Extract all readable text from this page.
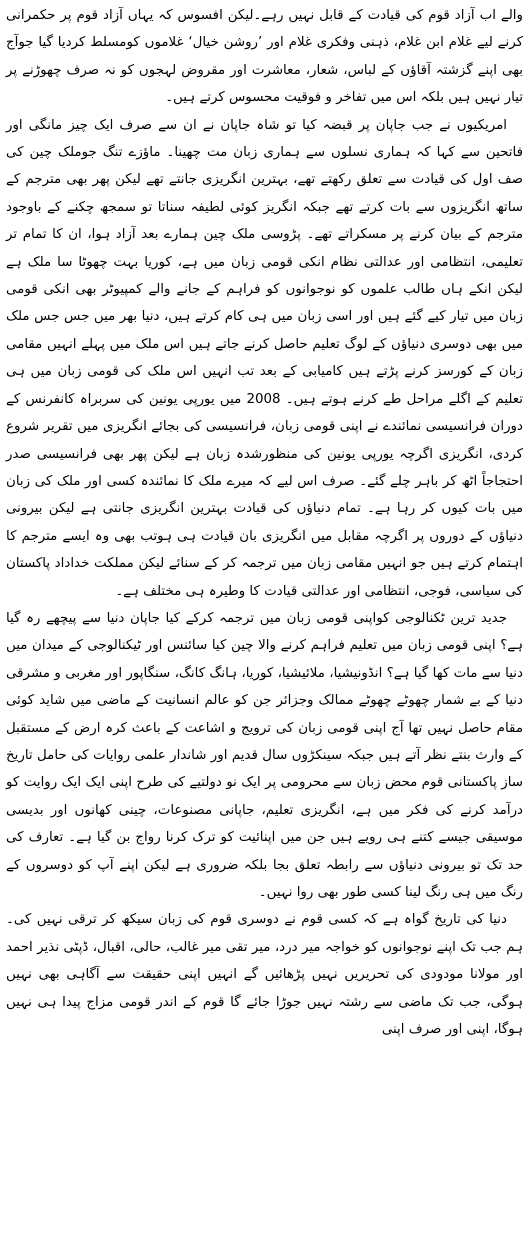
والے اب آزاد قوم کی قیادت کے قابل نہیں رہے۔لیکن افسوس کہ یہاں آزاد قوم پر حکمرانی کرنے لیے غلام ابن غلام، ذہنی وفکری غلام اور ’روشن خیال‘ غلاموں کومسلط کردیا گیا جوآج بھی اپنے گزشتہ آقاؤں کے لباس، شعار، معاشرت اور مقروض لہجوں کو نہ صرف چھوڑنے پر تیار نہیں ہیں بلکہ اس میں تفاخر و فوقیت محسوس کرتے ہیں۔

امریکیوں نے جب جاپان پر قبضہ کیا تو شاہ جاپان نے ان سے صرف ایک چیز مانگی اور فاتحین سے کہا کہ ہماری نسلوں سے ہماری زبان مت چھینا۔ ماؤزے تنگ جوملک چین کی صف اول کی قیادت سے تعلق رکھتے تھے، بہترین انگریزی جانتے تھے لیکن پھر بھی مترجم کے ساتھ انگریزوں سے بات کرتے تھے جبکہ انگریز کوئی لطیفہ سناتا تو سمجھ چکنے کے باوجود مترجم کے بیان کرنے پر مسکراتے تھے۔ پڑوسی ملک چین ہمارے بعد آزاد ہوا، ان کا تمام تر تعلیمی، انتظامی اور عدالتی نظام انکی قومی زبان میں ہے، کوریا بہت چھوٹا سا ملک ہے لیکن انکے ہاں طالب علموں کو نوجوانوں کو فراہم کے جانے والے کمپیوٹر بھی انکی قومی زبان میں تیار کیے گئے ہیں اور اسی زبان میں ہی کام کرتے ہیں، دنیا بھر میں جس جس ملک میں بھی دوسری دنیاؤں کے لوگ تعلیم حاصل کرنے جاتے ہیں اس ملک میں پہلے انہیں مقامی زبان کے کورسز کرنے پڑتے ہیں کامیابی کے بعد تب انہیں اس ملک کی قومی زبان میں ہی تعلیم کے اگلے مراحل طے کرنے ہوتے ہیں۔ 2008 میں یورپی یونین کی سربراہ کانفرنس کے دوران فرانسیسی نمائندے نے اپنی قومی زبان، فرانسیسی کی بجائے انگریزی میں تقریر شروع کردی، انگریزی اگرچہ یورپی یونین کی منظورشدہ زبان ہے لیکن پھر بھی فرانسیسی صدر احتجاجاً اٹھ کر باہر چلے گئے۔ صرف اس لیے کہ میرے ملک کا نمائندہ کسی اور ملک کی زبان میں بات کیوں کر رہا ہے۔ تمام دنیاؤں کی قیادت بہترین انگریزی جانتی ہے لیکن بیرونی دنیاؤں کے دوروں پر اگرچہ مقابل میں انگریزی بان قیادت ہی ہوتب بھی وہ ایسے مترجم کا اہتمام کرتے ہیں جو انہیں مقامی زبان میں ترجمہ کر کے سنائے لیکن مملکت خداداد پاکستان کی سیاسی، فوجی، انتظامی اور عدالتی قیادت کا وطیرہ ہی مختلف ہے۔

جدید ترین ٹکنالوجی کواپنی قومی زبان میں ترجمہ کرکے کیا جاپان دنیا سے پیچھے رہ گیا ہے؟ اپنی قومی زبان میں تعلیم فراہم کرنے والا چین کیا سائنس اور ٹیکنالوجی کے میدان میں دنیا سے مات کھا گیا ہے؟ انڈونیشیا، ملائیشیا، کوریا، ہانگ کانگ، سنگاپور اور مغربی و مشرقی دنیا کے بے شمار چھوٹے چھوٹے ممالک وجزائر جن کو عالم انسانیت کے ماضی میں شاید کوئی مقام حاصل نہیں تھا آج اپنی قومی زبان کی ترویج و اشاعت کے باعث کرہ ارض کے مستقبل کے وارث بنتے نظر آتے ہیں جبکہ سینکڑوں سال قدیم اور شاندار علمی روایات کی حامل تاریخ ساز پاکستانی قوم محض زبان سے محرومی پر ایک نو دولتیے کی طرح اپنی ایک ایک روایت کو درآمد کرنے کی فکر میں ہے، انگریزی تعلیم، جاپانی مصنوعات، چینی کھانوں اور بدیسی موسیقی جیسے کتنے ہی رویے ہیں جن میں اپنائیت کو ترک کرنا رواج بن گیا ہے۔ تعارف کی حد تک تو بیرونی دنیاؤں سے رابطہ تعلق بجا بلکہ ضروری ہے لیکن اپنے آپ کو دوسروں کے رنگ میں ہی رنگ لینا کسی طور بھی روا نہیں۔

دنیا کی تاریخ گواہ ہے کہ کسی قوم نے دوسری قوم کی زبان سیکھ کر ترقی نہیں کی۔ ہم جب تک اپنے نوجوانوں کو خواجہ میر درد، میر تقی میر غالب، حالی، اقبال، ڈپٹی نذیر احمد اور مولانا مودودی کی تحریریں نہیں پڑھائیں گے انہیں اپنی حقیقت سے آگاہی بھی نہیں ہوگی، جب تک ماضی سے رشتہ نہیں جوڑا جائے گا قوم کے اندر قومی مزاج پیدا ہی نہیں ہوگا، اپنی اور صرف اپنی
